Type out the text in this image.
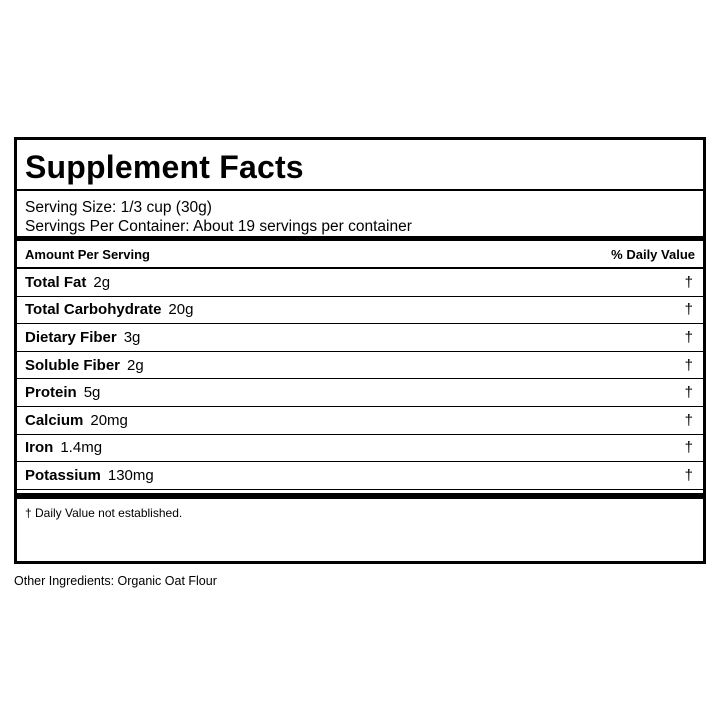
Supplement Facts
Serving Size: 1/3 cup (30g)
Servings Per Container: About 19 servings per container
Amount Per Serving	% Daily Value
Total Fat 2g	†
Total Carbohydrate 20g	†
Dietary Fiber 3g	†
Soluble Fiber 2g	†
Protein 5g	†
Calcium 20mg	†
Iron 1.4mg	†
Potassium 130mg	†
† Daily Value not established.
Other Ingredients: Organic Oat Flour
